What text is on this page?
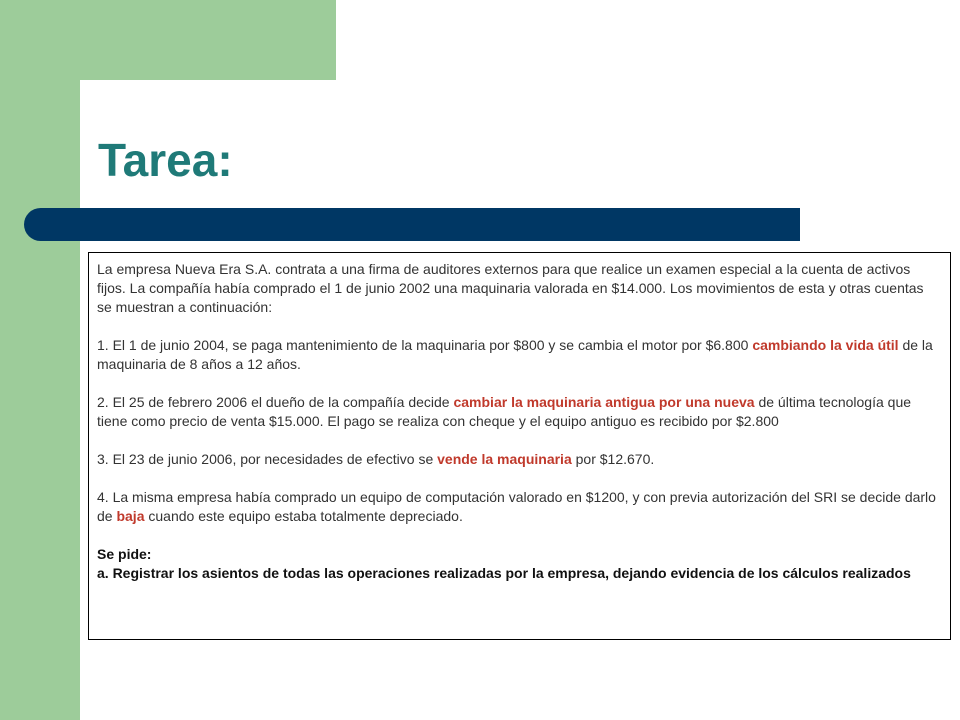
Tarea:

La empresa Nueva Era S.A. contrata a una firma de auditores externos para que realice un examen especial a la cuenta de activos fijos. La compañía había comprado el 1 de junio 2002 una maquinaria valorada en $14.000. Los movimientos de esta y otras cuentas se muestran a continuación:

1. El 1 de junio 2004, se paga mantenimiento de la maquinaria por $800 y se cambia el motor por $6.800 cambiando la vida útil de la maquinaria de 8 años a 12 años.

2. El 25 de febrero 2006 el dueño de la compañía decide cambiar la maquinaria antigua por una nueva de última tecnología que tiene como precio de venta $15.000. El pago se realiza con cheque y el equipo antiguo es recibido por $2.800

3. El 23 de junio 2006, por necesidades de efectivo se vende la maquinaria por $12.670.

4. La misma empresa había comprado un equipo de computación valorado en $1200, y con previa autorización del SRI se decide darlo de baja cuando este equipo estaba totalmente depreciado.

Se pide:
a. Registrar los asientos de todas las operaciones realizadas por la empresa, dejando evidencia de los cálculos realizados
